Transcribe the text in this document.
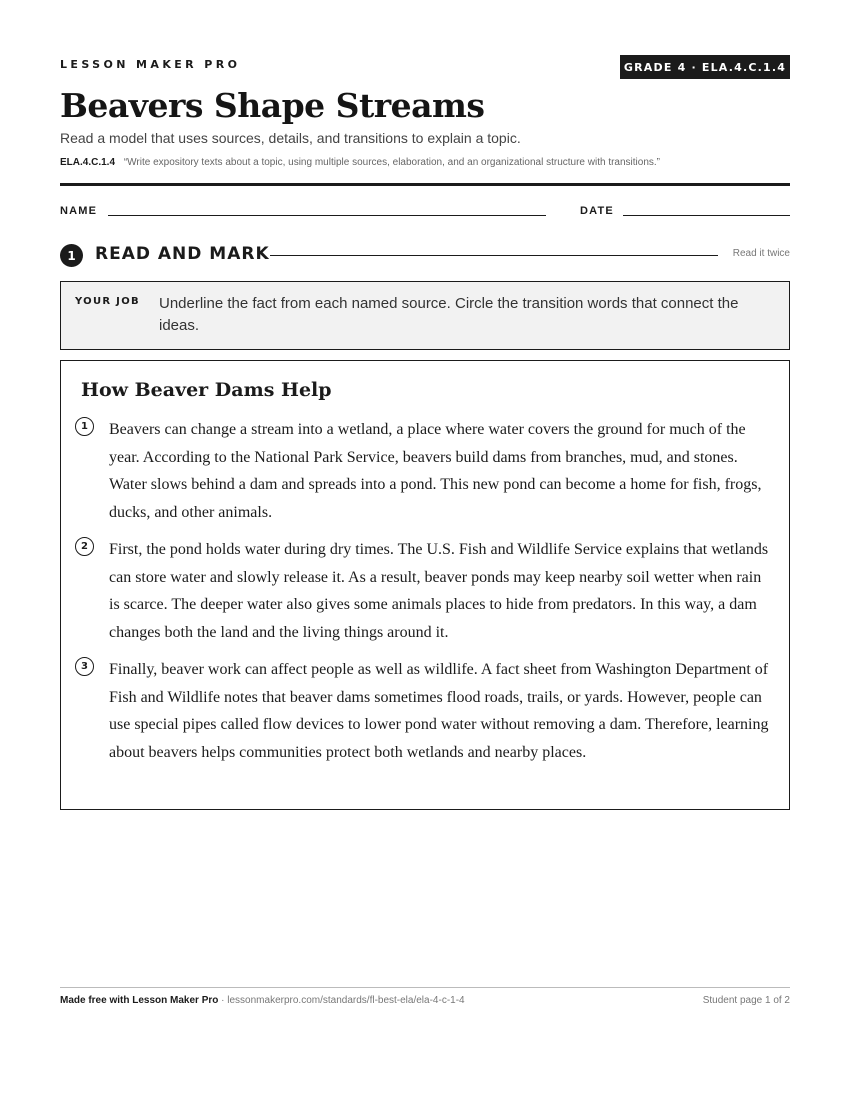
LESSON MAKER PRO	GRADE 4 · ELA.4.C.1.4
Beavers Shape Streams
Read a model that uses sources, details, and transitions to explain a topic.
ELA.4.C.1.4 “Write expository texts about a topic, using multiple sources, elaboration, and an organizational structure with transitions.”
NAME	DATE
1	READ AND MARK	Read it twice
YOUR JOB Underline the fact from each named source. Circle the transition words that connect the ideas.
How Beaver Dams Help
1	Beavers can change a stream into a wetland, a place where water covers the ground for much of the year. According to the National Park Service, beavers build dams from branches, mud, and stones. Water slows behind a dam and spreads into a pond. This new pond can become a home for fish, frogs, ducks, and other animals.

2	First, the pond holds water during dry times. The U.S. Fish and Wildlife Service explains that wetlands can store water and slowly release it. As a result, beaver ponds may keep nearby soil wetter when rain is scarce. The deeper water also gives some animals places to hide from predators. In this way, a dam changes both the land and the living things around it.

3	Finally, beaver work can affect people as well as wildlife. A fact sheet from Washington Department of Fish and Wildlife notes that beaver dams sometimes flood roads, trails, or yards. However, people can use special pipes called flow devices to lower pond water without removing a dam. Therefore, learning about beavers helps communities protect both wetlands and nearby places.

Made free with Lesson Maker Pro · lessonmakerpro.com/standards/fl-best-ela/ela-4-c-1-4	Student page 1 of 2
